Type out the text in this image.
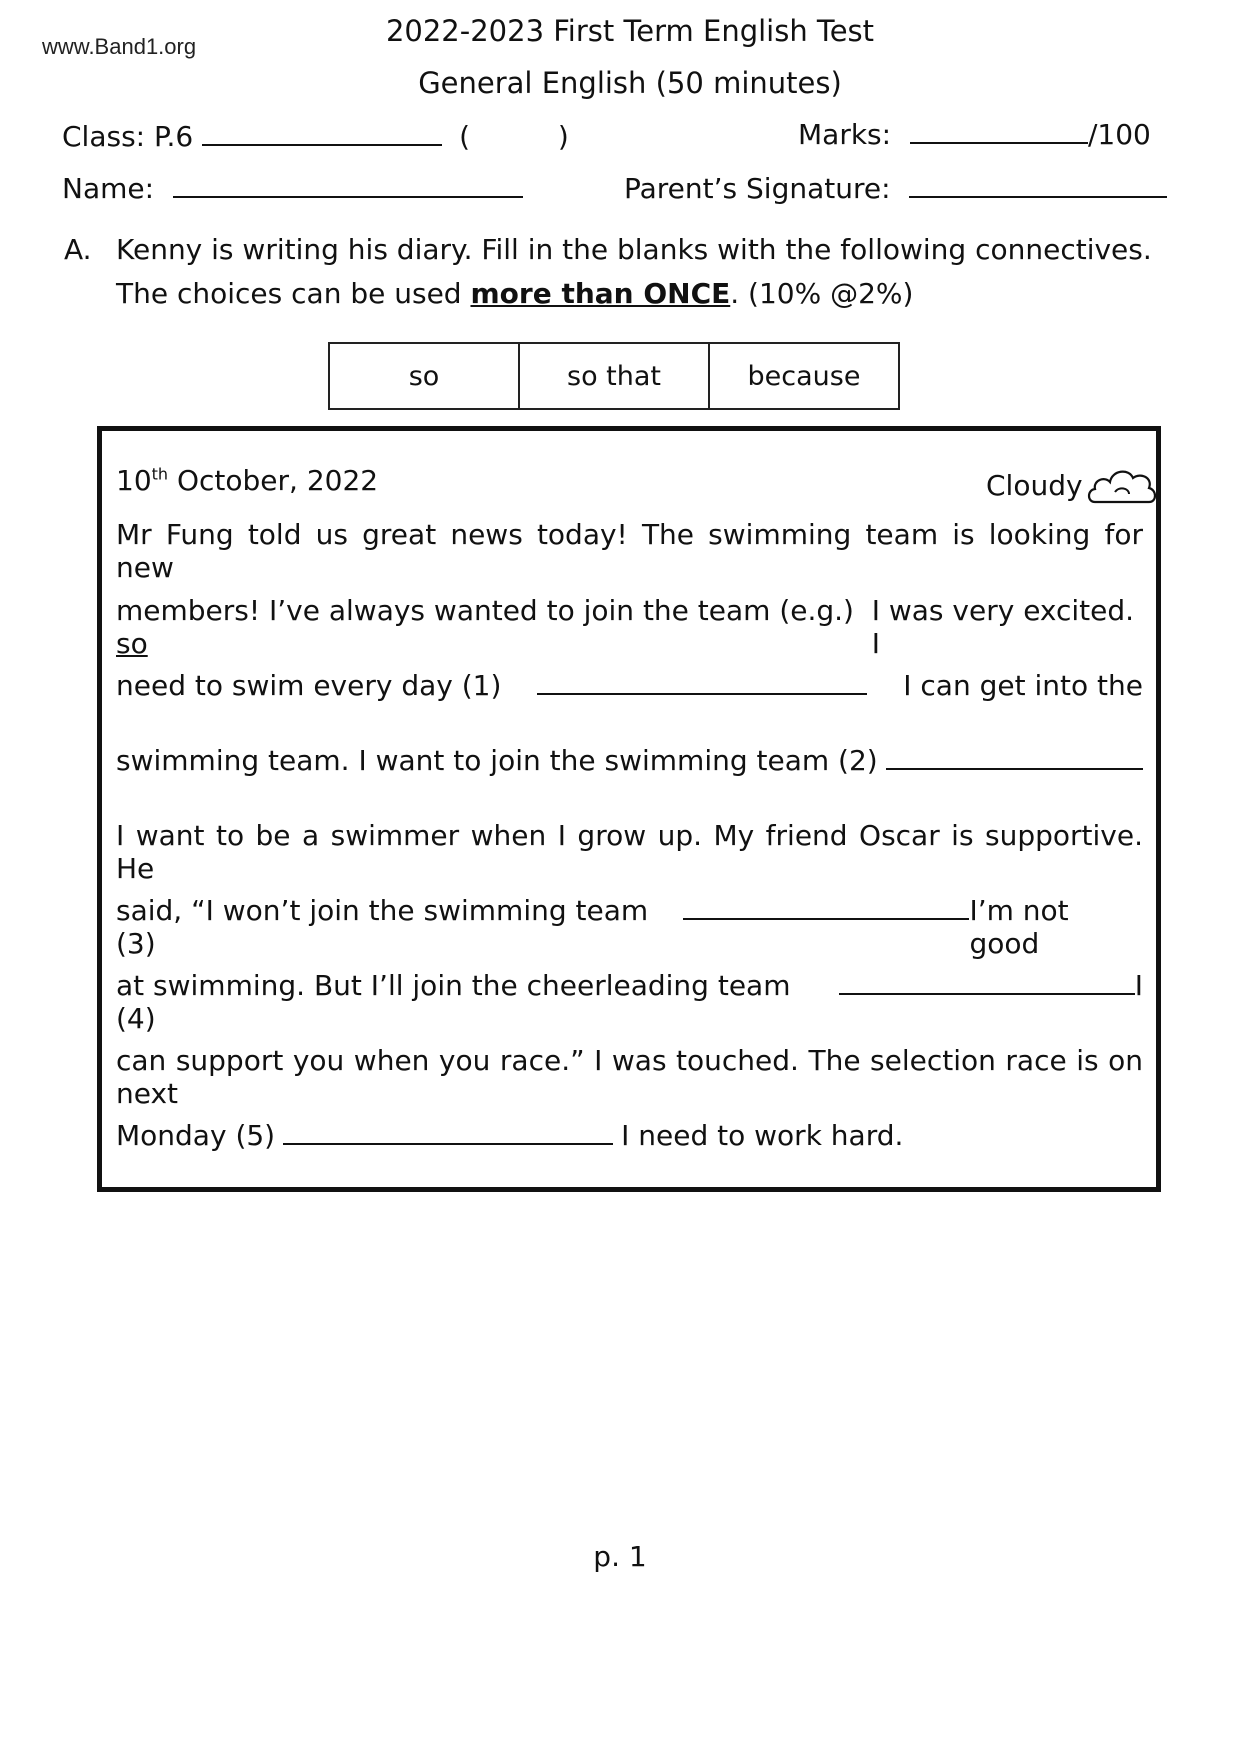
www.Band1.org	2022-2023 First Term English Test
General English (50 minutes)
Class: P.6	(	)	Marks:	/100
Name:	Parent’s Signature:
A. Kenny is writing his diary. Fill in the blanks with the following connectives.
The choices can be used more than ONCE. (10% @2%)
so	so that	because
10th October, 2022	Cloudy
Mr Fung told us great news today! The swimming team is looking for new
members! I’ve always wanted to join the team (e.g.) so
I was very excited. I
need to swim every day (1)	I can get into the
swimming team. I want to join the swimming team (2)
I want to be a swimmer when I grow up. My friend Oscar is supportive. He
said, “I won’t join the swimming team (3)
I’m not good
at swimming. But I’ll join the cheerleading team (4)
I
can support you when you race.” I was touched. The selection race is on next
Monday (5)	I need to work hard.
p. 1
